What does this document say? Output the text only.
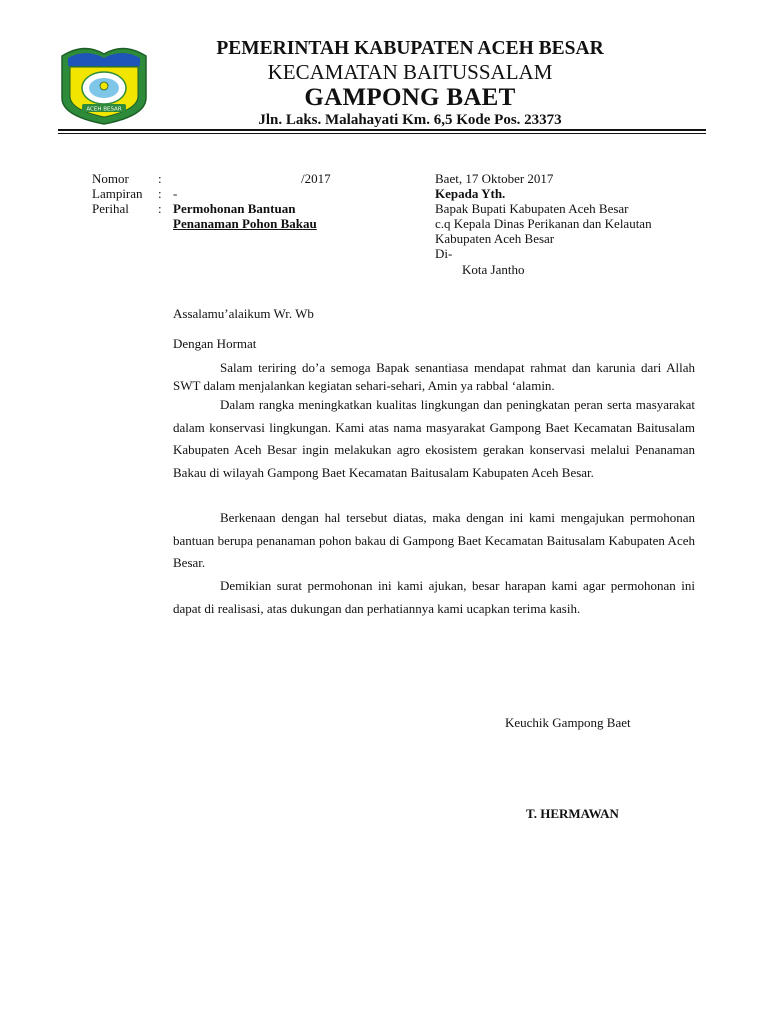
ACEH BESAR
PEMERINTAH KABUPATEN ACEH BESAR
KECAMATAN BAITUSSALAM
GAMPONG BAET
Jln. Laks. Malahayati Km. 6,5 Kode Pos. 23373
Nomor :	/2017
Lampiran : -
Perihal : Permohonan Bantuan
Penanaman Pohon Bakau
Baet, 17 Oktober 2017
Kepada Yth.
Bapak Bupati Kabupaten Aceh Besar
c.q Kepala Dinas Perikanan dan Kelautan
Kabupaten Aceh Besar
Di-
Kota Jantho
Assalamu’alaikum Wr. Wb
Dengan Hormat
Salam teriring do’a semoga Bapak senantiasa mendapat rahmat dan karunia dari Allah SWT dalam menjalankan kegiatan sehari-sehari, Amin ya rabbal ‘alamin.
Dalam rangka meningkatkan kualitas lingkungan dan peningkatan peran serta masyarakat dalam konservasi lingkungan. Kami atas nama masyarakat Gampong Baet Kecamatan Baitusalam Kabupaten Aceh Besar ingin melakukan agro ekosistem gerakan konservasi melalui Penanaman Bakau di wilayah Gampong Baet Kecamatan Baitusalam Kabupaten Aceh Besar.
Berkenaan dengan hal tersebut diatas, maka dengan ini kami mengajukan permohonan bantuan berupa penanaman pohon bakau di Gampong Baet Kecamatan Baitusalam Kabupaten Aceh Besar.
Demikian surat permohonan ini kami ajukan, besar harapan kami agar permohonan ini dapat di realisasi, atas dukungan dan perhatiannya kami ucapkan terima kasih.
Keuchik Gampong Baet
T. HERMAWAN
